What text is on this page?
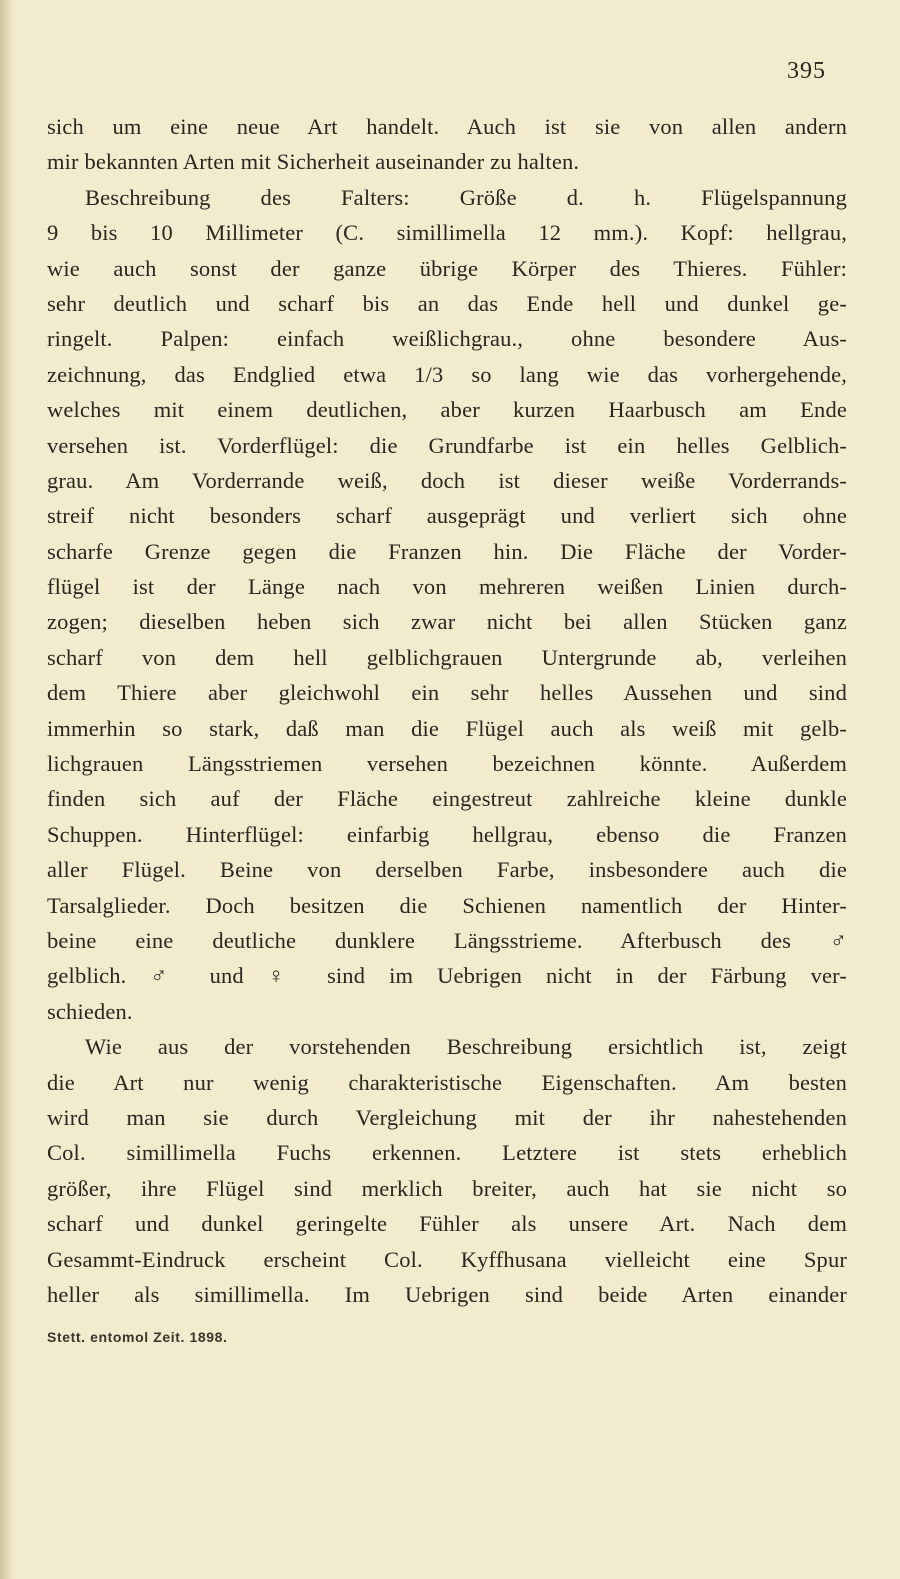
395
sich um eine neue Art handelt. Auch ist sie von allen andern
mir bekannten Arten mit Sicherheit auseinander zu halten.
Beschreibung des Falters: Größe d. h. Flügelspannung
9 bis 10 Millimeter (C. simillimella 12 mm.). Kopf: hellgrau,
wie auch sonst der ganze übrige Körper des Thieres. Fühler:
sehr deutlich und scharf bis an das Ende hell und dunkel ge-
ringelt. Palpen: einfach weißlichgrau., ohne besondere Aus-
zeichnung, das Endglied etwa 1/3 so lang wie das vorhergehende,
welches mit einem deutlichen, aber kurzen Haarbusch am Ende
versehen ist. Vorderflügel: die Grundfarbe ist ein helles Gelblich-
grau. Am Vorderrande weiß, doch ist dieser weiße Vorderrands-
streif nicht besonders scharf ausgeprägt und verliert sich ohne
scharfe Grenze gegen die Franzen hin. Die Fläche der Vorder-
flügel ist der Länge nach von mehreren weißen Linien durch-
zogen; dieselben heben sich zwar nicht bei allen Stücken ganz
scharf von dem hell gelblichgrauen Untergrunde ab, verleihen
dem Thiere aber gleichwohl ein sehr helles Aussehen und sind
immerhin so stark, daß man die Flügel auch als weiß mit gelb-
lichgrauen Längsstriemen versehen bezeichnen könnte. Außerdem
finden sich auf der Fläche eingestreut zahlreiche kleine dunkle
Schuppen. Hinterflügel: einfarbig hellgrau, ebenso die Franzen
aller Flügel. Beine von derselben Farbe, insbesondere auch die
Tarsalglieder. Doch besitzen die Schienen namentlich der Hinter-
beine eine deutliche dunklere Längsstrieme. Afterbusch des ♂
gelblich. ♂ und ♀ sind im Uebrigen nicht in der Färbung ver-
schieden.
Wie aus der vorstehenden Beschreibung ersichtlich ist, zeigt
die Art nur wenig charakteristische Eigenschaften. Am besten
wird man sie durch Vergleichung mit der ihr nahestehenden
Col. simillimella Fuchs erkennen. Letztere ist stets erheblich
größer, ihre Flügel sind merklich breiter, auch hat sie nicht so
scharf und dunkel geringelte Fühler als unsere Art. Nach dem
Gesammt-Eindruck erscheint Col. Kyffhusana vielleicht eine Spur
heller als simillimella. Im Uebrigen sind beide Arten einander
Stett. entomol Zeit. 1898.
